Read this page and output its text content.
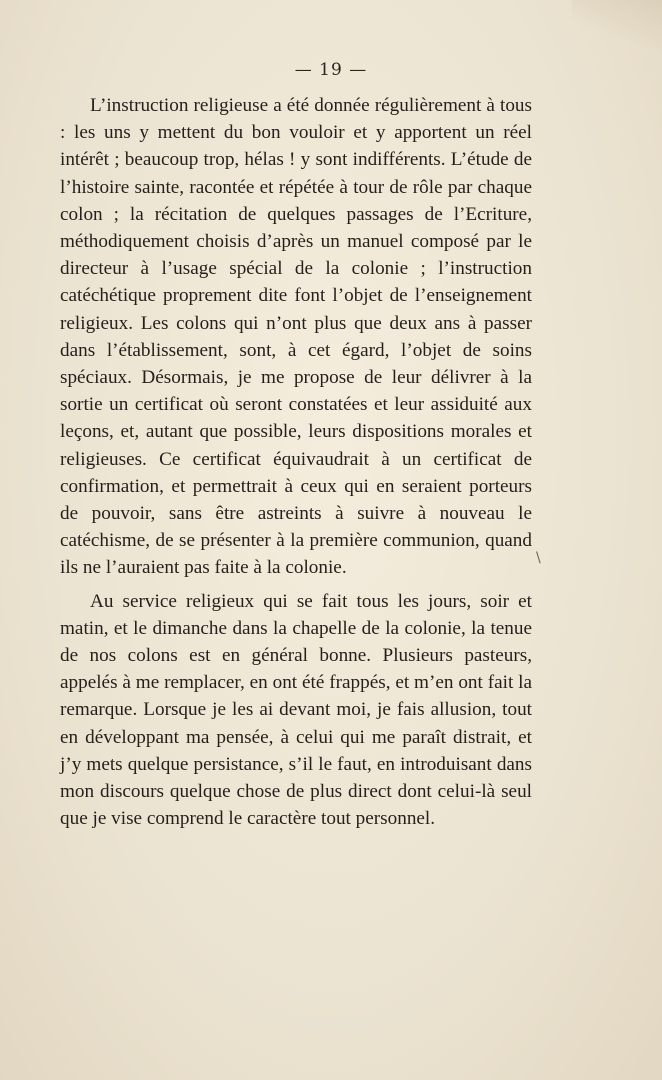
— 19 —

L’instruction religieuse a été donnée régulièrement à tous : les uns y mettent du bon vouloir et y apportent un réel intérêt ; beaucoup trop, hélas ! y sont indifférents. L’étude de l’histoire sainte, racontée et répétée à tour de rôle par chaque colon ; la récitation de quelques passages de l’Ecriture, méthodiquement choisis d’après un manuel composé par le directeur à l’usage spécial de la colonie ; l’instruction catéchétique proprement dite font l’objet de l’enseignement religieux. Les colons qui n’ont plus que deux ans à passer dans l’établissement, sont, à cet égard, l’objet de soins spéciaux. Désormais, je me propose de leur délivrer à la sortie un certificat où seront constatées et leur assiduité aux leçons, et, autant que possible, leurs dispositions morales et religieuses. Ce certificat équivaudrait à un certificat de confirmation, et permettrait à ceux qui en seraient porteurs de pouvoir, sans être astreints à suivre à nouveau le catéchisme, de se présenter à la première communion, quand ils ne l’auraient pas faite à la colonie.

Au service religieux qui se fait tous les jours, soir et matin, et le dimanche dans la chapelle de la colonie, la tenue de nos colons est en général bonne. Plusieurs pasteurs, appelés à me remplacer, en ont été frappés, et m’en ont fait la remarque. Lorsque je les ai devant moi, je fais allusion, tout en développant ma pensée, à celui qui me paraît distrait, et j’y mets quelque persistance, s’il le faut, en introduisant dans mon discours quelque chose de plus direct dont celui-là seul que je vise comprend le caractère tout personnel.

\
